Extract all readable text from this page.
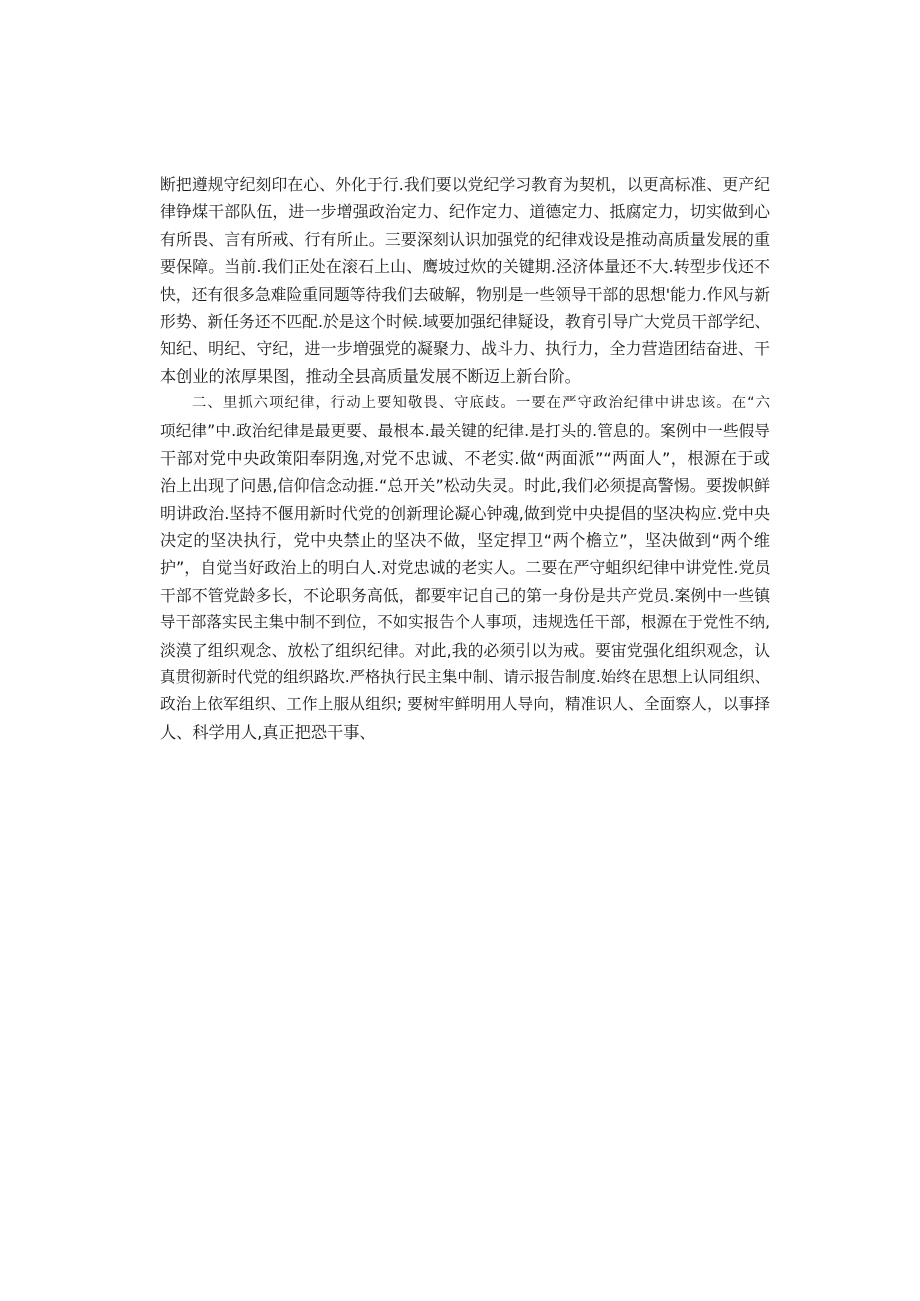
断把遵规守纪刻印在心、外化于行.我们要以党纪学习教育为契机，以更高标准、更产纪
律铮煤干部队伍，进一步增强政治定力、纪作定力、道德定力、抵腐定力，切实做到心
有所畏、言有所戒、行有所止。三要深刻认识加强党的纪律戏设是推动高质量发展的重
要保障。当前.我们正处在滚石上山、鹰坡过炊的关键期.泾济体量还不大.转型步伐还不
快，还有很多急难险重同题等待我们去破解，物别是一些领导干部的思想'能力.作风与新
形势、新任务还不匹配.於是这个时候.域要加强纪律疑设，教育引导广大党员干部学纪、
知纪、明纪、守纪，进一步増强党的凝聚力、战斗力、执行力，全力营造团结奋进、干
本创业的浓厚果图，推动全县高质量发展不断迈上新台阶。
二、里抓六项纪律，行动上要知敬畏、守底歧。一要在严守政治纪律中讲忠该。在“六
项纪律”中.政治纪律是最更要、最根本.最关键的纪律.是打头的.管息的。案例中一些假导
干部对党中央政策阳奉阴逸,对党不忠诚、不老实.做“两面派”“两面人”，根源在于或
治上出现了问愚,信仰信念动捱.“总开关”松动失灵。时此,我们必须提高警惕。要拨帜鲜
明讲政治.坚持不偃用新时代党的创新理论凝心钟魂,做到党中央提倡的坚决构应.党中央
决定的坚决执行，党中央禁止的坚决不做，坚定捍卫“两个檐立”，坚决做到“两个维
护”，自觉当好政治上的明白人.对党忠诚的老实人。二要在严守蛆织纪律中讲党性.党员
干部不管党龄多长，不论职务高低，都要牢记自己的第一身份是共产党员.案例中一些镇
导干部落实民主集中制不到位，不如实报告个人事项，违规选任干部，根源在于党性不纳,
淡漠了组织观念、放松了组织纪律。对此,我的必须引以为戒。要宙党强化组织观念，认
真贯彻新时代党的组织路坎.严格执行民主集中制、请示报告制度.始终在思想上认同组织、
政治上依军组织、工作上服从组织; 要树牢鲜明用人导向，精准识人、全面察人，以事择
人、科学用人,真正把恐干事、
